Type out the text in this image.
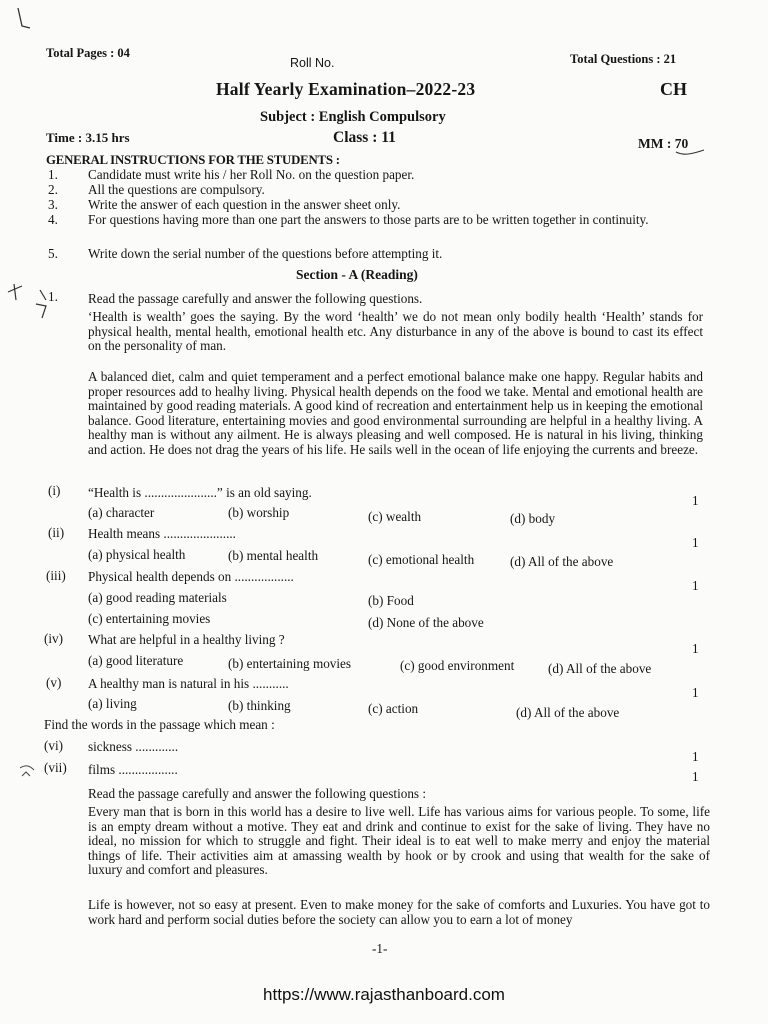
Total Pages : 04
Roll No.	Total Questions : 21
Half Yearly Examination–2022-23	CH
Subject : English Compulsory
Time : 3.15 hrs	Class : 11	MM : 70
GENERAL INSTRUCTIONS FOR THE STUDENTS :
1. Candidate must write his / her Roll No. on the question paper.
2. All the questions are compulsory.
3. Write the answer of each question in the answer sheet only.
4. For questions having more than one part the answers to those parts are to be written together in continuity.
5. Write down the serial number of the questions before attempting it.
Section - A (Reading)
1. Read the passage carefully and answer the following questions.
‘Health is wealth’ goes the saying. By the word ‘health’ we do not mean only bodily health ‘Health’ stands for physical health, mental health, emotional health etc. Any disturbance in any of the above is bound to cast its effect on the personality of man.
A balanced diet, calm and quiet temperament and a perfect emotional balance make one happy. Regular habits and proper resources add to healhy living. Physical health depends on the food we take. Mental and emotional health are maintained by good reading materials. A good kind of recreation and entertainment help us in keeping the emotional balance. Good literature, entertaining movies and good environmental surrounding are helpful in a healthy living. A healthy man is without any ailment. He is always pleasing and well composed. He is natural in his living, thinking and action. He does not drag the years of his life. He sails well in the ocean of life enjoying the currents and breeze.
(i) “Health is ......................” is an old saying.
1
(a) character	(b) worship	(c) wealth	(d) body
(ii) Health means ......................
1
(a) physical health	(b) mental health	(c) emotional health	(d) All of the above
(iii) Physical health depends on ..................
1
(a) good reading materials	(b) Food
(c) entertaining movies	(d) None of the above
(iv) What are helpful in a healthy living ?
1
(a) good literature	(b) entertaining movies	(c) good environment	(d) All of the above
(v) A healthy man is natural in his ...........
1
(a) living	(b) thinking	(c) action	(d) All of the above
Find the words in the passage which mean :
(vi) sickness .............
1
(vii) films ..................	1
Read the passage carefully and answer the following questions :
Every man that is born in this world has a desire to live well. Life has various aims for various people. To some, life is an empty dream without a motive. They eat and drink and continue to exist for the sake of living. They have no ideal, no mission for which to struggle and fight. Their ideal is to eat well to make merry and enjoy the material things of life. Their activities aim at amassing wealth by hook or by crook and using that wealth for the sake of luxury and comfort and pleasures.
Life is however, not so easy at present. Even to make money for the sake of comforts and Luxuries. You have got to work hard and perform social duties before the society can allow you to earn a lot of money
-1-
https://www.rajasthanboard.com
